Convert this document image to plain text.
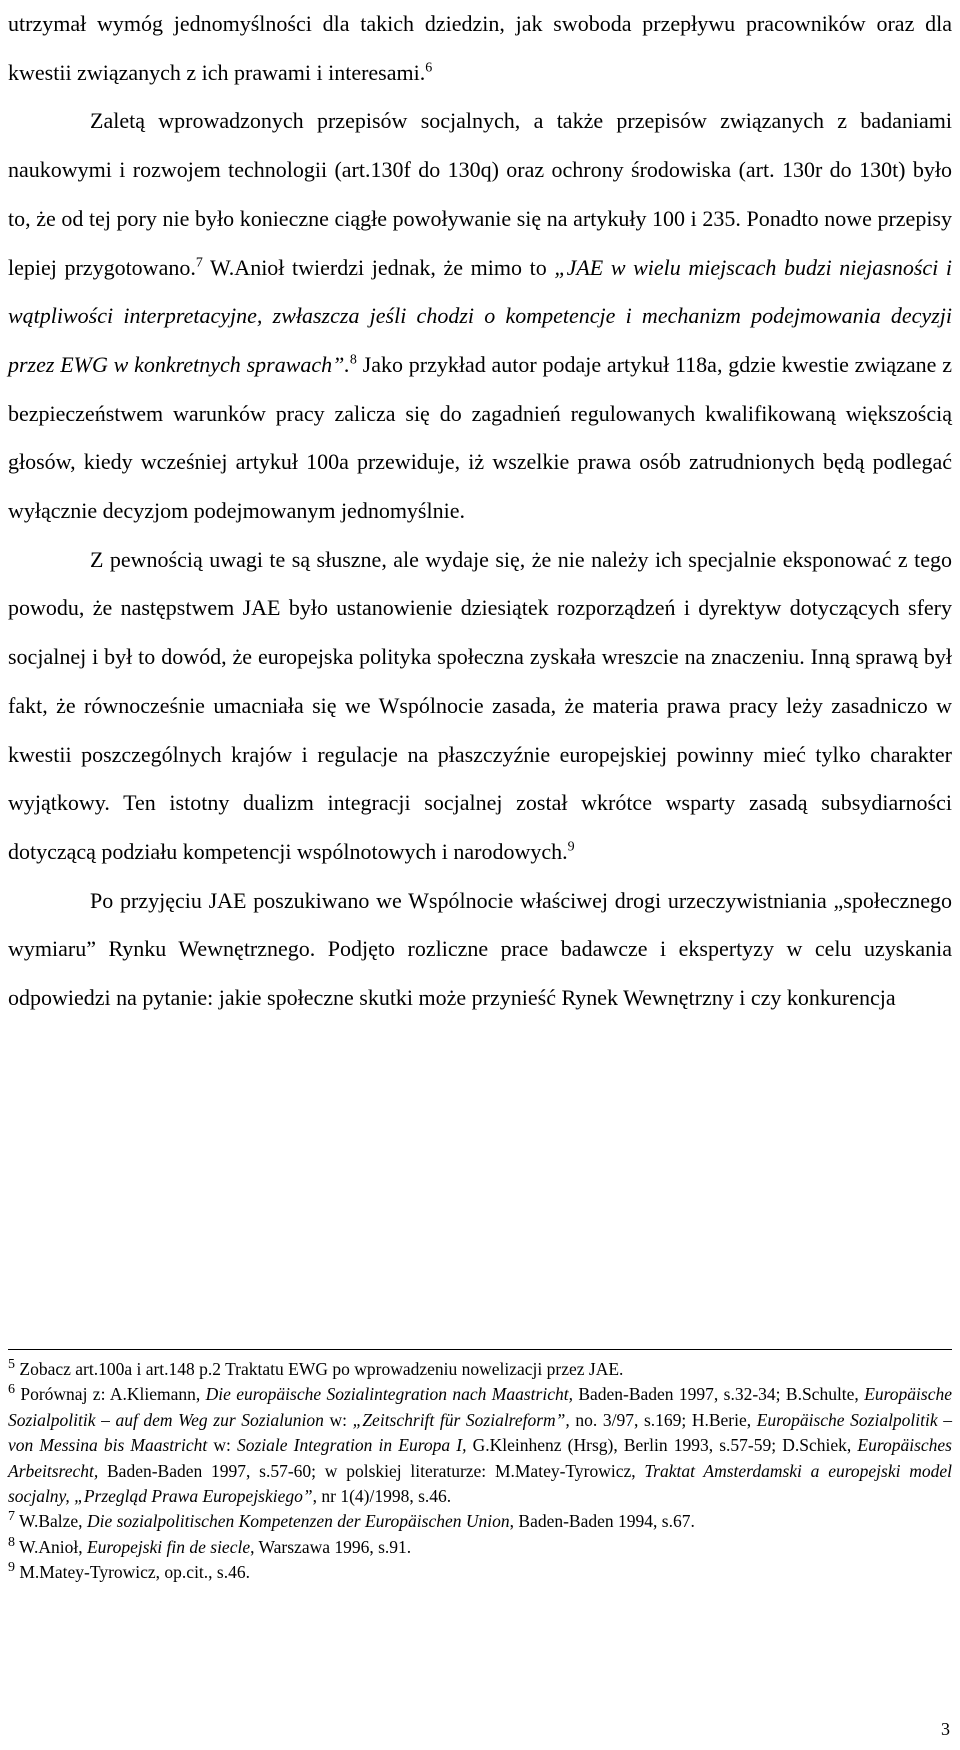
utrzymał wymóg jednomyślności dla takich dziedzin, jak swoboda przepływu pracowników oraz dla kwestii związanych z ich prawami i interesami.$^6$

Zaletą wprowadzonych przepisów socjalnych, a także przepisów związanych z badaniami naukowymi i rozwojem technologii (art.130f do 130q) oraz ochrony środowiska (art. 130r do 130t) było to, że od tej pory nie było konieczne ciągłe powoływanie się na artykuły 100 i 235. Ponadto nowe przepisy lepiej przygotowano.$^7$ W.Anioł twierdzi jednak, że mimo to „JAE w wielu miejscach budzi niejasności i wątpliwości interpretacyjne, zwłaszcza jeśli chodzi o kompetencje i mechanizm podejmowania decyzji przez EWG w konkretnych sprawach”.$^8$ Jako przykład autor podaje artykuł 118a, gdzie kwestie związane z bezpieczeństwem warunków pracy zalicza się do zagadnień regulowanych kwalifikowaną większością głosów, kiedy wcześniej artykuł 100a przewiduje, iż wszelkie prawa osób zatrudnionych będą podlegać wyłącznie decyzjom podejmowanym jednomyślnie.

Z pewnością uwagi te są słuszne, ale wydaje się, że nie należy ich specjalnie eksponować z tego powodu, że następstwem JAE było ustanowienie dziesiątek rozporządzeń i dyrektyw dotyczących sfery socjalnej i był to dowód, że europejska polityka społeczna zyskała wreszcie na znaczeniu. Inną sprawą był fakt, że równocześnie umacniała się we Wspólnocie zasada, że materia prawa pracy leży zasadniczo w kwestii poszczególnych krajów i regulacje na płaszczyźnie europejskiej powinny mieć tylko charakter wyjątkowy. Ten istotny dualizm integracji socjalnej został wkrótce wsparty zasadą subsydiarności dotyczącą podziału kompetencji wspólnotowych i narodowych.$^9$

Po przyjęciu JAE poszukiwano we Wspólnocie właściwej drogi urzeczywistniania „społecznego wymiaru” Rynku Wewnętrznego. Podjęto rozliczne prace badawcze i ekspertyzy w celu uzyskania odpowiedzi na pytanie: jakie społeczne skutki może przynieść Rynek Wewnętrzny i czy konkurencja

$^5$ Zobacz art.100a i art.148 p.2 Traktatu EWG po wprowadzeniu nowelizacji przez JAE.

$^6$ Porównaj z: A.Kliemann, Die europäische Sozialintegration nach Maastricht, Baden-Baden 1997, s.32-34; B.Schulte, Europäische Sozialpolitik – auf dem Weg zur Sozialunion w: „Zeitschrift für Sozialreform”, no. 3/97, s.169; H.Berie, Europäische Sozialpolitik – von Messina bis Maastricht w: Soziale Integration in Europa I, G.Kleinhenz (Hrsg), Berlin 1993, s.57-59; D.Schiek, Europäisches Arbeitsrecht, Baden-Baden 1997, s.57-60; w polskiej literaturze: M.Matey-Tyrowicz, Traktat Amsterdamski a europejski model socjalny, „Przegląd Prawa Europejskiego”, nr 1(4)/1998, s.46.

$^7$ W.Balze, Die sozialpolitischen Kompetenzen der Europäischen Union, Baden-Baden 1994, s.67.

$^8$ W.Anioł, Europejski fin de siecle, Warszawa 1996, s.91.

$^9$ M.Matey-Tyrowicz, op.cit., s.46.

3
